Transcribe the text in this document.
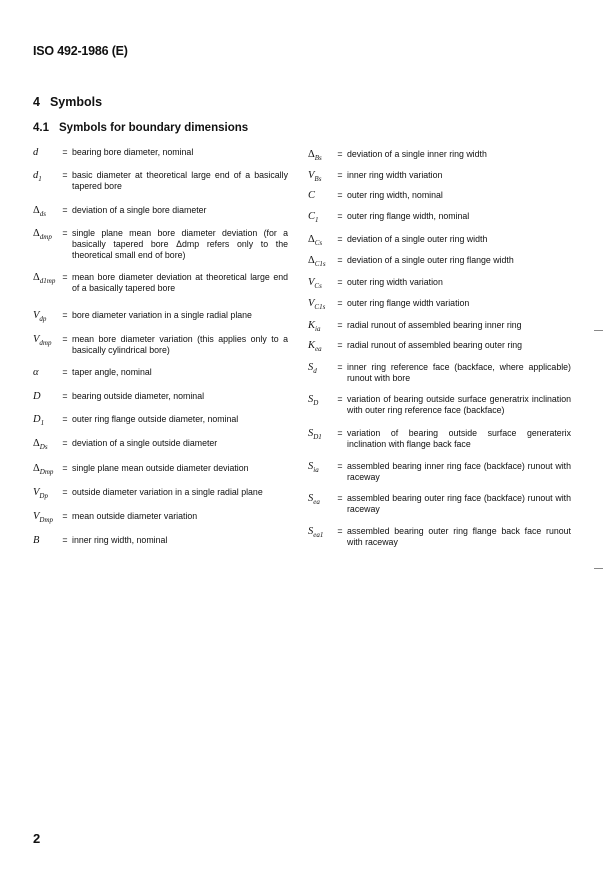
ISO 492-1986 (E)
4 Symbols
4.1 Symbols for boundary dimensions
d	= bearing bore diameter, nominal
$d_1$	= basic diameter at theoretical large end of a basically tapered bore
$\Delta_{ds}$	= deviation of a single bore diameter
$\Delta_{dmp}$	= single plane mean bore diameter deviation (for a basically tapered bore Δdmp refers only to the theoretical small end of bore)
$\Delta_{d1mp}$ = mean bore diameter deviation at theoretical large end of a basically tapered bore
$V_{dp}$	= bore diameter variation in a single radial plane
$V_{dmp}$	= mean bore diameter variation (this applies only to a basically cylindrical bore)
α	= taper angle, nominal
D	= bearing outside diameter, nominal
$D_1$	= outer ring flange outside diameter, nominal
$\Delta_{Ds}$	= deviation of a single outside diameter
$\Delta_{Dmp}$	= single plane mean outside diameter deviation
$V_{Dp}$	= outside diameter variation in a single radial plane
$V_{Dmp}$	= mean outside diameter variation
B	= inner ring width, nominal
$\Delta_{Bs}$	= deviation of a single inner ring width
$V_{Bs}$	= inner ring width variation
C	= outer ring width, nominal
$C_1$	= outer ring flange width, nominal
$\Delta_{Cs}$	= deviation of a single outer ring width
$\Delta_{C1s}$	= deviation of a single outer ring flange width
$V_{Cs}$	= outer ring width variation
$V_{C1s}$	= outer ring flange width variation
$K_{ia}$	= radial runout of assembled bearing inner ring
$K_{ea}$	= radial runout of assembled bearing outer ring
$S_d$	= inner ring reference face (backface, where applicable) runout with bore
$S_D$	= variation of bearing outside surface generatrix inclination with outer ring reference face (backface)
$S_{D1}$	= variation of bearing outside surface generaterix inclination with flange back face
$S_{ia}$	= assembled bearing inner ring face (backface) runout with raceway
$S_{ea}$	= assembled bearing outer ring face (backface) runout with raceway
$S_{ea1}$	= assembled bearing outer ring flange back face runout with raceway
2
